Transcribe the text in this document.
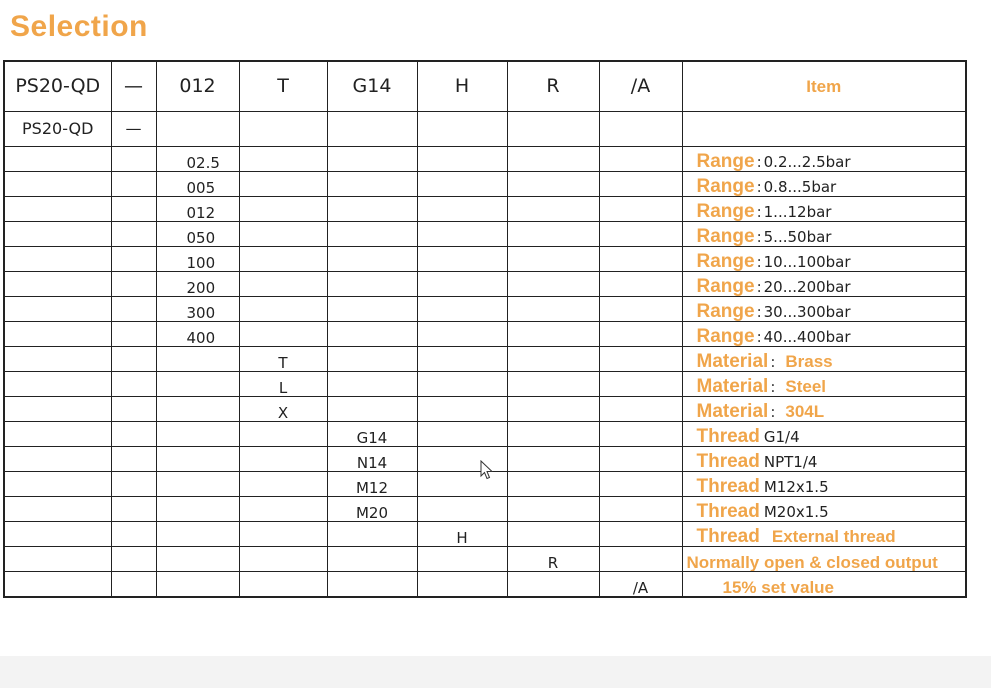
Selection
PS20-QD	—	012	T	G14	H	R	/A	Item
PS20-QD	—							
		02.5						Range : 0.2...2.5bar
		005						Range : 0.8...5bar
		012						Range : 1...12bar
		050						Range : 5...50bar
		100						Range : 10...100bar
		200						Range : 20...200bar
		300						Range : 30...300bar
		400						Range : 40...400bar
			T					Material : Brass
			L					Material : Steel
			X					Material : 304L
				G14				Thread G1/4
				N14				Thread NPT1/4
				M12				Thread M12x1.5
				M20				Thread M20x1.5
					H			Thread External thread
						R		Normally open & closed output
							/A	15% set value
